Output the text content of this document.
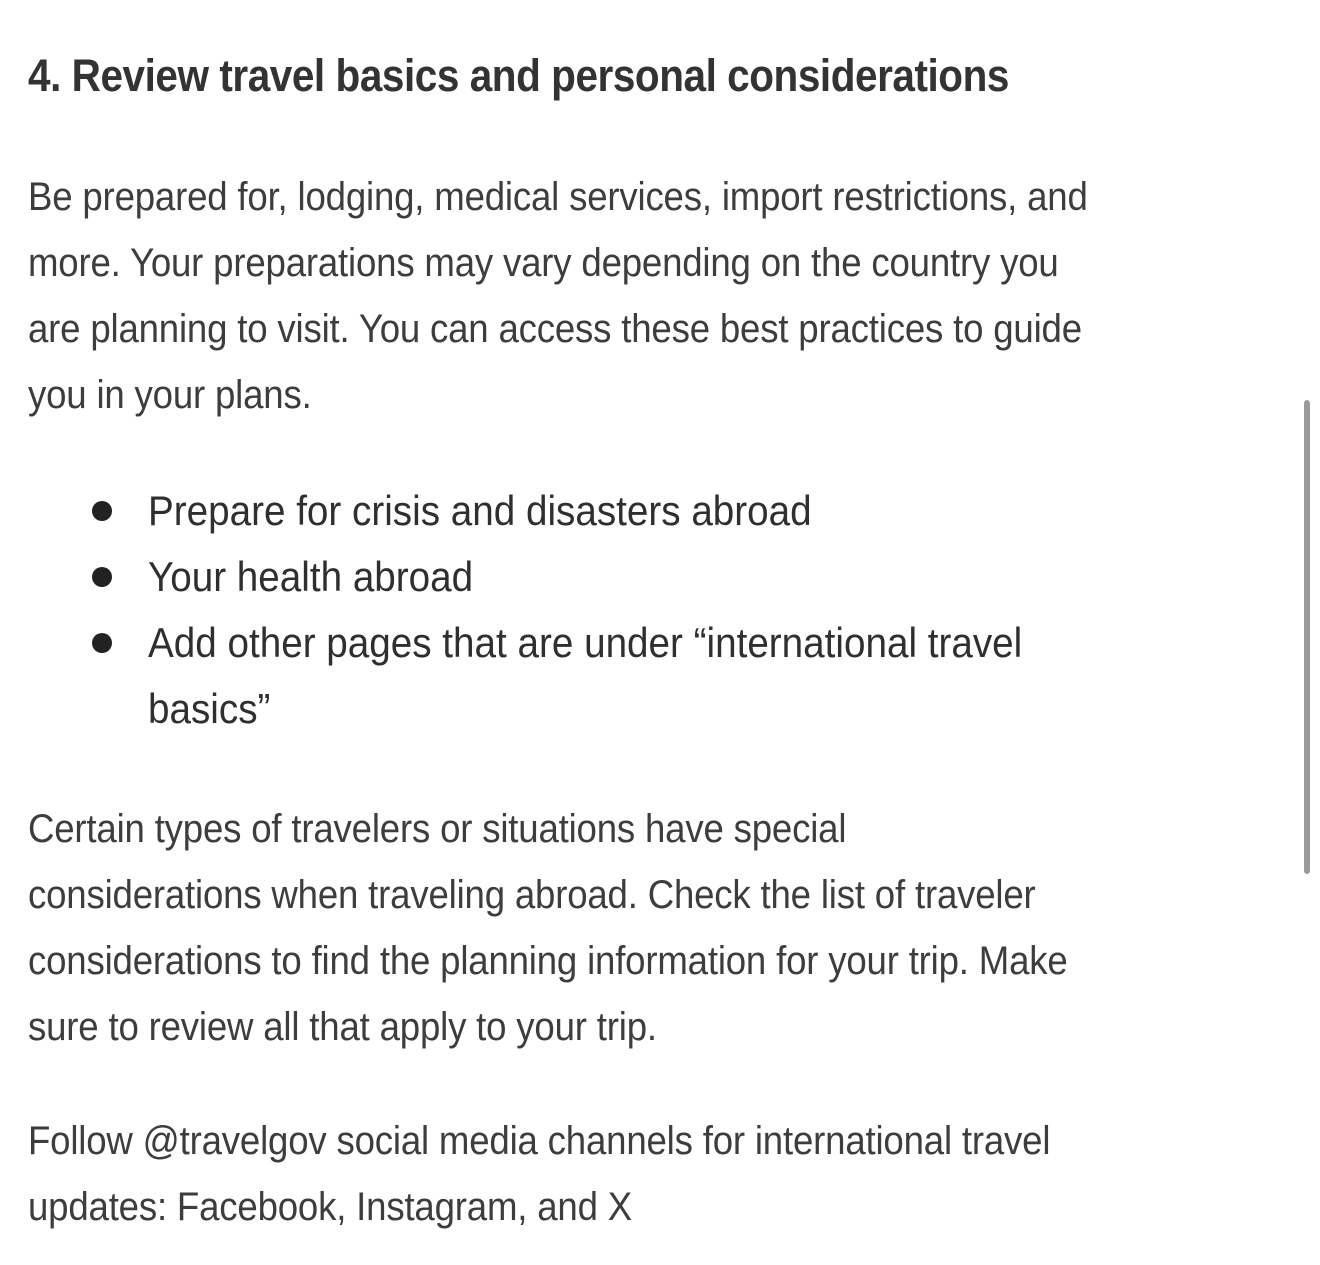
4. Review travel basics and personal considerations
Be prepared for, lodging, medical services, import restrictions, and
more. Your preparations may vary depending on the country you
are planning to visit. You can access these best practices to guide
you in your plans.
Prepare for crisis and disasters abroad
Your health abroad
Add other pages that are under “international travel
basics”
Certain types of travelers or situations have special
considerations when traveling abroad. Check the list of traveler
considerations to find the planning information for your trip. Make
sure to review all that apply to your trip.
Follow @travelgov social media channels for international travel
updates: Facebook, Instagram, and X
